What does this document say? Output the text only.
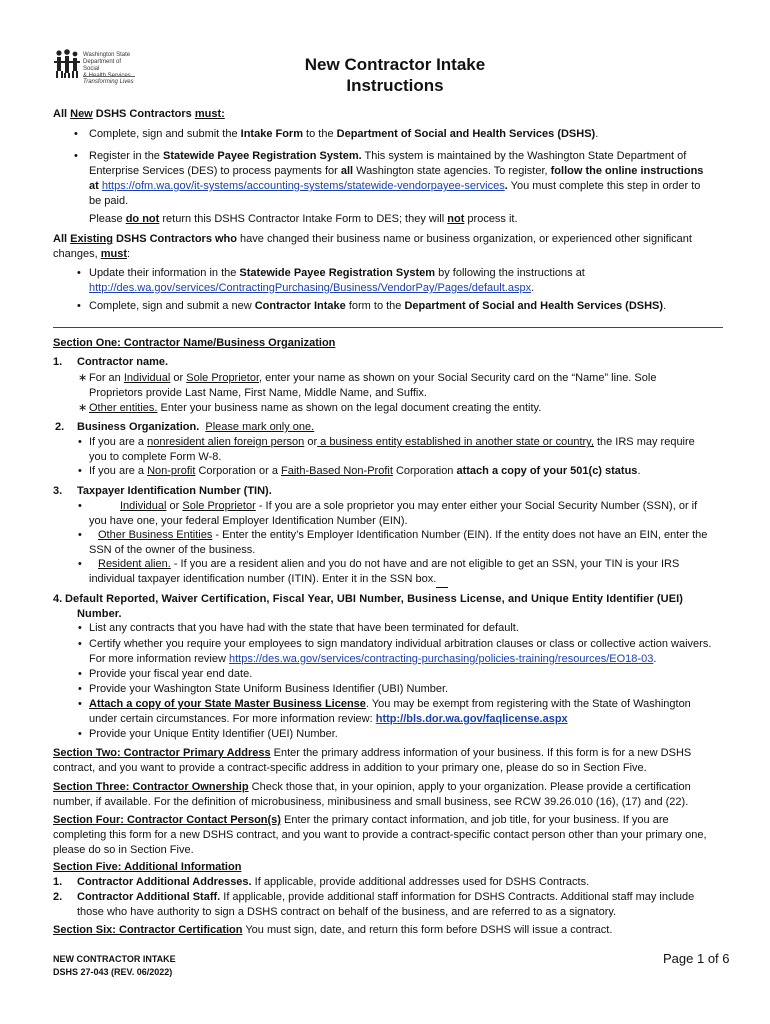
Washington State
Department of Social
Transforming Lives
New Contractor Intake
Instructions
All New DSHS Contractors must:
• Complete, sign and submit the Intake Form to the Department of Social and Health Services (DSHS).
• Register in the Statewide Payee Registration System. This system is maintained by the Washington State Department of
Enterprise Services (DES) to process payments for all Washington state agencies. To register, follow the online instructions
at https://ofm.wa.gov/it-systems/accounting-systems/statewide-vendorpayee-services. You must complete this step in order to
be paid.
Please do not return this DSHS Contractor Intake Form to DES; they will not process it.
All Existing DSHS Contractors who have changed their business name or business organization, or experienced other significant
changes, must:
• Update their information in the Statewide Payee Registration System by following the instructions at
http://des.wa.gov/services/ContractingPurchasing/Business/VendorPay/Pages/default.aspx.
• Complete, sign and submit a new Contractor Intake form to the Department of Social and Health Services (DSHS).
Section One: Contractor Name/Business Organization
1. Contractor name.
∗ For an Individual or Sole Proprietor, enter your name as shown on your Social Security card on the “Name” line. Sole
Proprietors provide Last Name, First Name, Middle Name, and Suffix.
∗ Other entities. Enter your business name as shown on the legal document creating the entity.
2. Business Organization. Please mark only one.
• If you are a nonresident alien foreign person or a business entity established in another state or country, the IRS may require
you to complete Form W-8.
• If you are a Non-profit Corporation or a Faith-Based Non-Profit Corporation attach a copy of your 501(c) status.
3. Taxpayer Identification Number (TIN).
•	Individual or Sole Proprietor - If you are a sole proprietor you may enter either your Social Security Number (SSN), or if
you have one, your federal Employer Identification Number (EIN).
•	Other Business Entities - Enter the entity’s Employer Identification Number (EIN). If the entity does not have an EIN, enter the
SSN of the owner of the business.
•	Resident alien. - If you are a resident alien and you do not have and are not eligible to get an SSN, your TIN is your IRS
individual taxpayer identification number (ITIN). Enter it in the SSN box.
4. Default Reported, Waiver Certification, Fiscal Year, UBI Number, Business License, and Unique Entity Identifier (UEI)
Number.
• List any contracts that you have had with the state that have been terminated for default.
• Certify whether you require your employees to sign mandatory individual arbitration clauses or class or collective action waivers.
For more information review https://des.wa.gov/services/contracting-purchasing/policies-training/resources/EO18-03.
• Provide your fiscal year end date.
• Provide your Washington State Uniform Business Identifier (UBI) Number.
• Attach a copy of your State Master Business License. You may be exempt from registering with the State of Washington
under certain circumstances. For more information review: http://bls.dor.wa.gov/faqlicense.aspx
• Provide your Unique Entity Identifier (UEI) Number.
Section Two: Contractor Primary Address Enter the primary address information of your business. If this form is for a new DSHS
contract, and you want to provide a contract-specific address in addition to your primary one, please do so in Section Five.
Section Three: Contractor Ownership Check those that, in your opinion, apply to your organization. Please provide a certification
number, if available. For the definition of microbusiness, minibusiness and small business, see RCW 39.26.010 (16), (17) and (22).
Section Four: Contractor Contact Person(s) Enter the primary contact information, and job title, for your business. If you are
completing this form for a new DSHS contract, and you want to provide a contract-specific contact person other than your primary one,
please do so in Section Five.
Section Five: Additional Information
1. Contractor Additional Addresses. If applicable, provide additional addresses used for DSHS Contracts.
2. Contractor Additional Staff. If applicable, provide additional staff information for DSHS Contracts. Additional staff may include
those who have authority to sign a DSHS contract on behalf of the business, and are referred to as a signatory.
Section Six: Contractor Certification You must sign, date, and return this form before DSHS will issue a contract.
NEW CONTRACTOR INTAKE
DSHS 27-043 (REV. 06/2022)
Page 1 of 6
